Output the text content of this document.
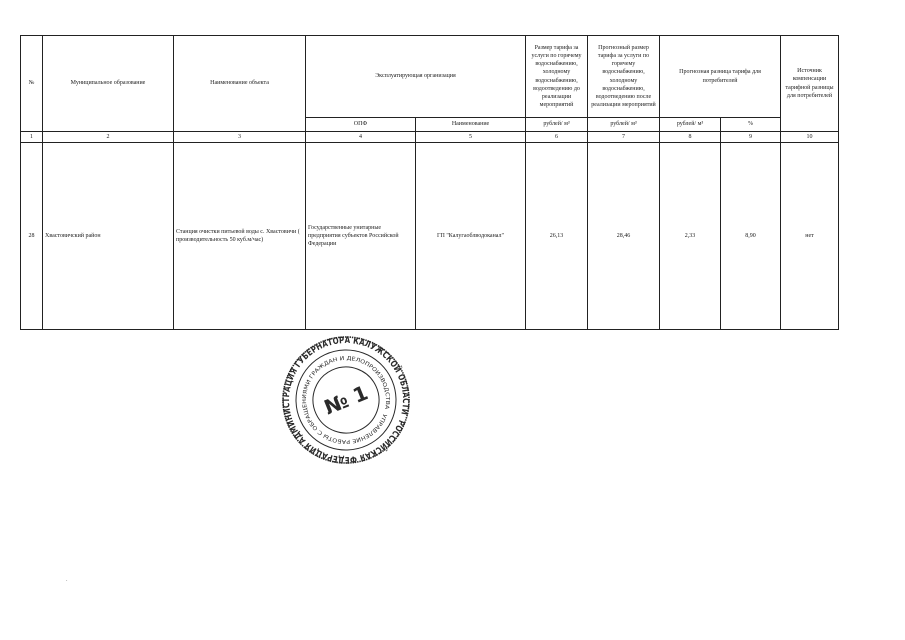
№	Муниципальное образование	Наименование объекта	Эксплуатирующая организация		Размер тарифа за услуги по горячему водоснабжению, холодному водоснабжению, водоотведению до реализации мероприятий	Прогнозный размер тарифа за услуги по горячему водоснабжению, холодному водоснабжению, водоотведению после реализации мероприятий	Прогнозная разница тарифа для потребителей		Источник компенсации тарифной разницы для потребителей
			ОПФ	Наименование	рублей/ м³	рублей/ м³	рублей/ м³	%	
1	2	3	4	5	6	7	8	9	10
28	Хвастовичский район	Станция очистки питьевой воды с. Хвастовичи ( производительность 50 куб.м/час)	Государственные унитарные предприятия субъектов Российской Федерации	ГП "Калугаоблводоканал"	26,13	28,46	2,33	8,90	нет
РОССИЙСКАЯ ФЕДЕРАЦИЯ АДМИНИСТРАЦИЯ ГУБЕРНАТОРА КАЛУЖСКОЙ ОБЛАСТИ
УПРАВЛЕНИЕ РАБОТЫ С ОБРАЩЕНИЯМИ ГРАЖДАН И ДЕЛОПРОИЗВОДСТВА
№ 1
.
